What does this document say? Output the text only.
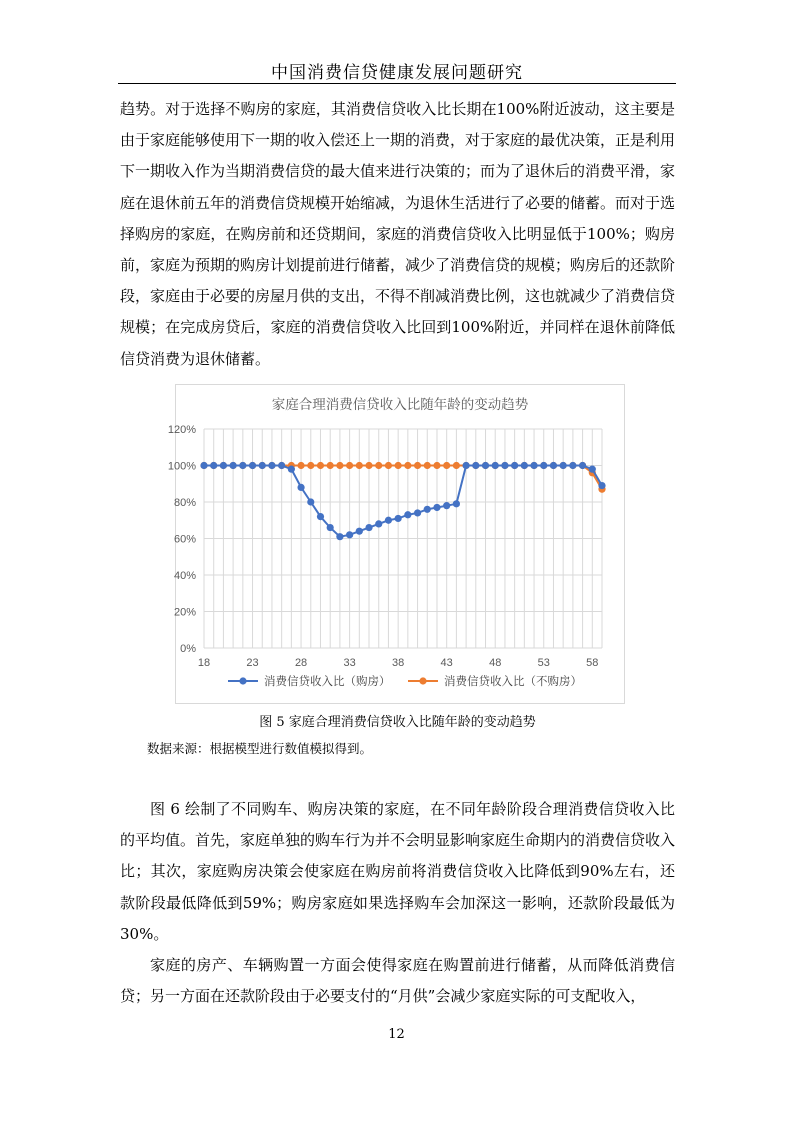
中国消费信贷健康发展问题研究
趋势。对于选择不购房的家庭，其消费信贷收入比长期在100%附近波动，这主要是由于家庭能够使用下一期的收入偿还上一期的消费，对于家庭的最优决策，正是利用下一期收入作为当期消费信贷的最大值来进行决策的；而为了退休后的消费平滑，家庭在退休前五年的消费信贷规模开始缩减，为退休生活进行了必要的储蓄。而对于选择购房的家庭，在购房前和还贷期间，家庭的消费信贷收入比明显低于100%；购房前，家庭为预期的购房计划提前进行储蓄，减少了消费信贷的规模；购房后的还款阶段，家庭由于必要的房屋月供的支出，不得不削减消费比例，这也就减少了消费信贷规模；在完成房贷后，家庭的消费信贷收入比回到100%附近，并同样在退休前降低信贷消费为退休储蓄。
家庭合理消费信贷收入比随年龄的变动趋势
0%
20%
40%
60%
80%
100%
120%
18	23	28	33	38	43	48	53	58
消费信贷收入比（购房）	消费信贷收入比（不购房）
图 5 家庭合理消费信贷收入比随年龄的变动趋势
数据来源：根据模型进行数值模拟得到。
图 6 绘制了不同购车、购房决策的家庭，在不同年龄阶段合理消费信贷收入比的平均值。首先，家庭单独的购车行为并不会明显影响家庭生命期内的消费信贷收入比；其次，家庭购房决策会使家庭在购房前将消费信贷收入比降低到90%左右，还款阶段最低降低到59%；购房家庭如果选择购车会加深这一影响，还款阶段最低为30%。
家庭的房产、车辆购置一方面会使得家庭在购置前进行储蓄，从而降低消费信贷；另一方面在还款阶段由于必要支付的“月供”会减少家庭实际的可支配收入，
12
